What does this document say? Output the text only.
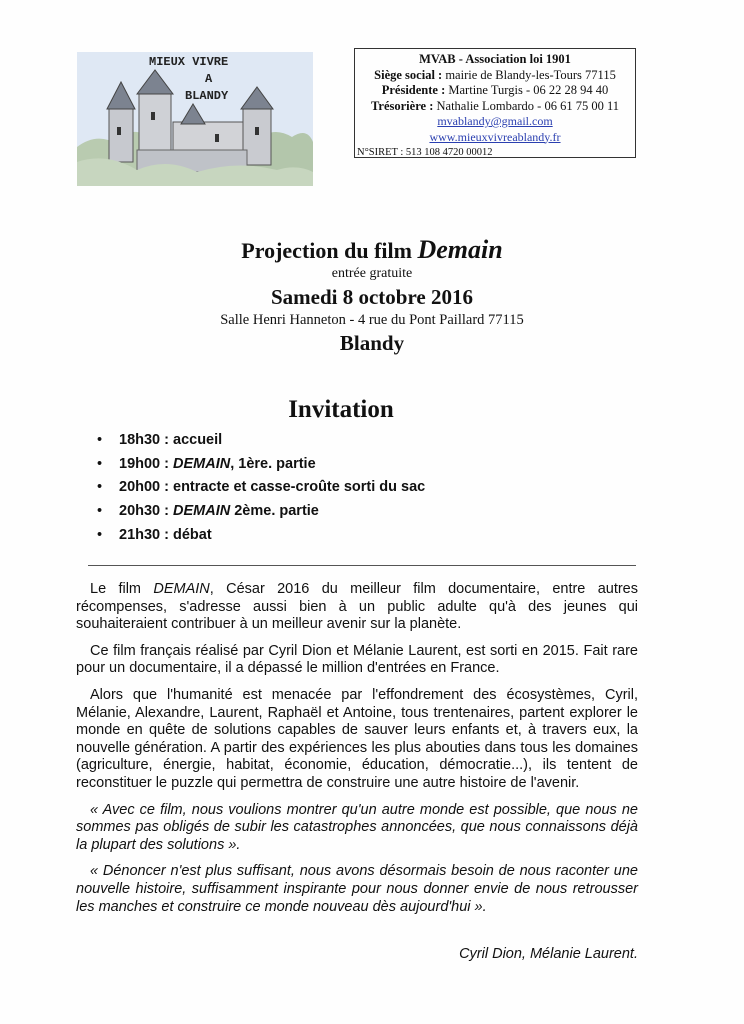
MIEUX VIVRE
A
BLANDY
MVAB - Association loi 1901
Siège social : mairie de Blandy-les-Tours 77115
Présidente : Martine Turgis - 06 22 28 94 40
Trésorière : Nathalie Lombardo - 06 61 75 00 11
mvablandy@gmail.com
www.mieuxvivreablandy.fr
N°SIRET : 513 108 4720 00012
Projection du film Demain
entrée gratuite
Samedi 8 octobre 2016
Salle Henri Hanneton - 4 rue du Pont Paillard 77115
Blandy
Invitation
• 18h30 : accueil
• 19h00 : DEMAIN, 1ère. partie
• 20h00 : entracte et casse-croûte sorti du sac
• 20h30 : DEMAIN 2ème. partie
• 21h30 : débat

Le film DEMAIN, César 2016 du meilleur film documentaire, entre autres récompenses, s'adresse aussi bien à un public adulte qu'à des jeunes qui souhaiteraient contribuer à un meilleur avenir sur la planète.

Ce film français réalisé par Cyril Dion et Mélanie Laurent, est sorti en 2015. Fait rare pour un documentaire, il a dépassé le million d'entrées en France.

Alors que l'humanité est menacée par l'effondrement des écosystèmes, Cyril, Mélanie, Alexandre, Laurent, Raphaël et Antoine, tous trentenaires, partent explorer le monde en quête de solutions capables de sauver leurs enfants et, à travers eux, la nouvelle génération. A partir des expériences les plus abouties dans tous les domaines (agriculture, énergie, habitat, économie, éducation, démocratie...), ils tentent de reconstituer le puzzle qui permettra de construire une autre histoire de l'avenir.

« Avec ce film, nous voulions montrer qu'un autre monde est possible, que nous ne sommes pas obligés de subir les catastrophes annoncées, que nous connaissons déjà la plupart des solutions ».

« Dénoncer n'est plus suffisant, nous avons désormais besoin de nous raconter une nouvelle histoire, suffisamment inspirante pour nous donner envie de nous retrousser les manches et construire ce monde nouveau dès aujourd'hui ».

Cyril Dion, Mélanie Laurent.
